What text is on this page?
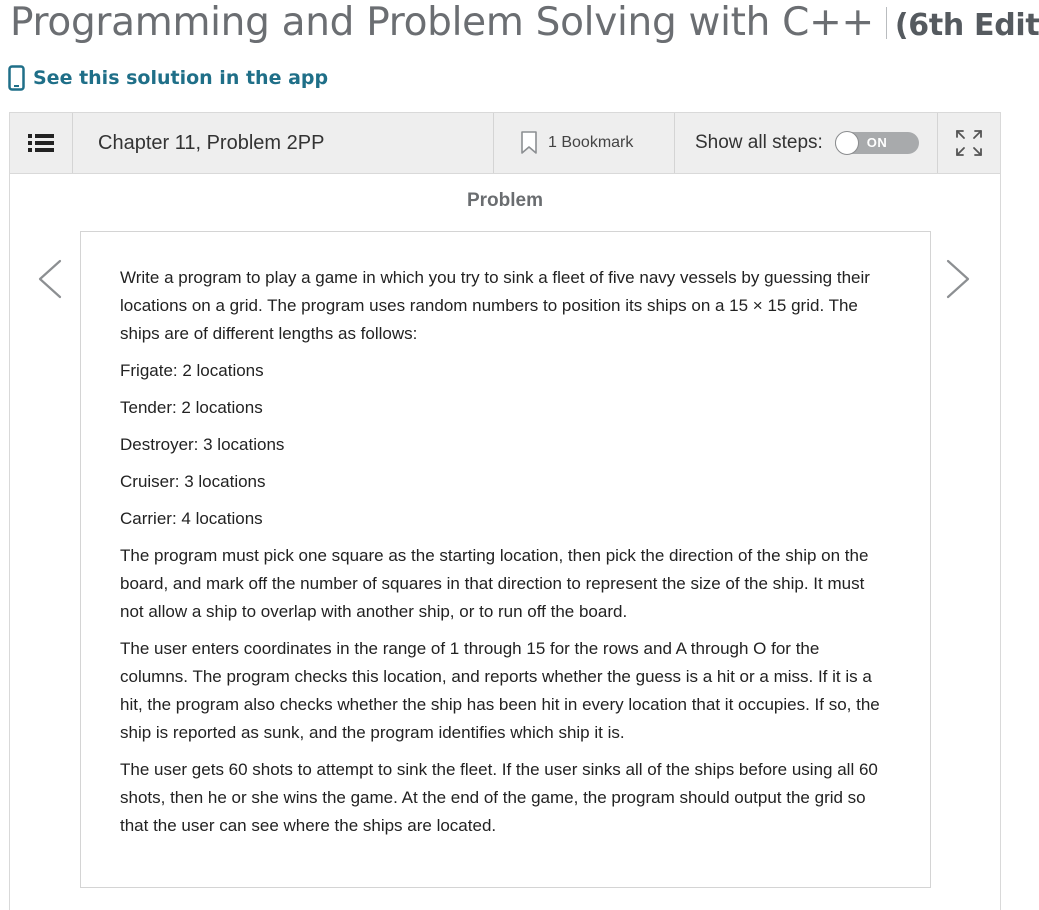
Programming and Problem Solving with C++ (6th Edit
See this solution in the app
Chapter 11, Problem 2PP	1 Bookmark	Show all steps:	ON
Problem

Write a program to play a game in which you try to sink a fleet of five navy vessels by guessing their locations on a grid. The program uses random numbers to position its ships on a 15 × 15 grid. The ships are of different lengths as follows:

Frigate: 2 locations

Tender: 2 locations

Destroyer: 3 locations

Cruiser: 3 locations

Carrier: 4 locations

The program must pick one square as the starting location, then pick the direction of the ship on the board, and mark off the number of squares in that direction to represent the size of the ship. It must not allow a ship to overlap with another ship, or to run off the board.

The user enters coordinates in the range of 1 through 15 for the rows and A through O for the columns. The program checks this location, and reports whether the guess is a hit or a miss. If it is a hit, the program also checks whether the ship has been hit in every location that it occupies. If so, the ship is reported as sunk, and the program identifies which ship it is.

The user gets 60 shots to attempt to sink the fleet. If the user sinks all of the ships before using all 60 shots, then he or she wins the game. At the end of the game, the program should output the grid so that the user can see where the ships are located.
